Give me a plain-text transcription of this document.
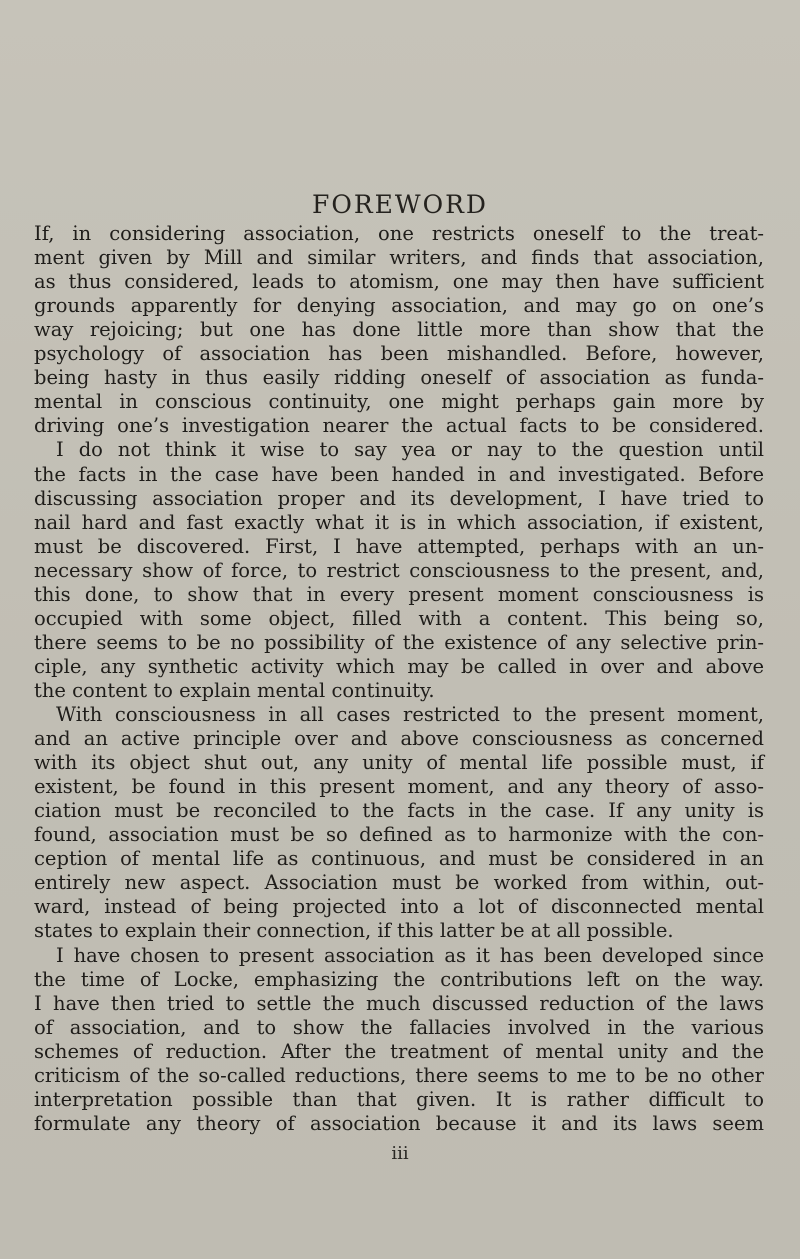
FOREWORD
If, in considering association, one restricts oneself to the treat-
ment given by Mill and similar writers, and finds that association,
as thus considered, leads to atomism, one may then have sufficient
grounds apparently for denying association, and may go on one’s
way rejoicing; but one has done little more than show that the
psychology of association has been mishandled. Before, however,
being hasty in thus easily ridding oneself of association as funda-
mental in conscious continuity, one might perhaps gain more by
driving one’s investigation nearer the actual facts to be considered.
I do not think it wise to say yea or nay to the question until
the facts in the case have been handed in and investigated. Before
discussing association proper and its development, I have tried to
nail hard and fast exactly what it is in which association, if existent,
must be discovered. First, I have attempted, perhaps with an un-
necessary show of force, to restrict consciousness to the present, and,
this done, to show that in every present moment consciousness is
occupied with some object, filled with a content. This being so,
there seems to be no possibility of the existence of any selective prin-
ciple, any synthetic activity which may be called in over and above
the content to explain mental continuity.
With consciousness in all cases restricted to the present moment,
and an active principle over and above consciousness as concerned
with its object shut out, any unity of mental life possible must, if
existent, be found in this present moment, and any theory of asso-
ciation must be reconciled to the facts in the case. If any unity is
found, association must be so defined as to harmonize with the con-
ception of mental life as continuous, and must be considered in an
entirely new aspect. Association must be worked from within, out-
ward, instead of being projected into a lot of disconnected mental
states to explain their connection, if this latter be at all possible.
I have chosen to present association as it has been developed since
the time of Locke, emphasizing the contributions left on the way.
I have then tried to settle the much discussed reduction of the laws
of association, and to show the fallacies involved in the various
schemes of reduction. After the treatment of mental unity and the
criticism of the so-called reductions, there seems to me to be no other
interpretation possible than that given. It is rather difficult to
formulate any theory of association because it and its laws seem
iii
